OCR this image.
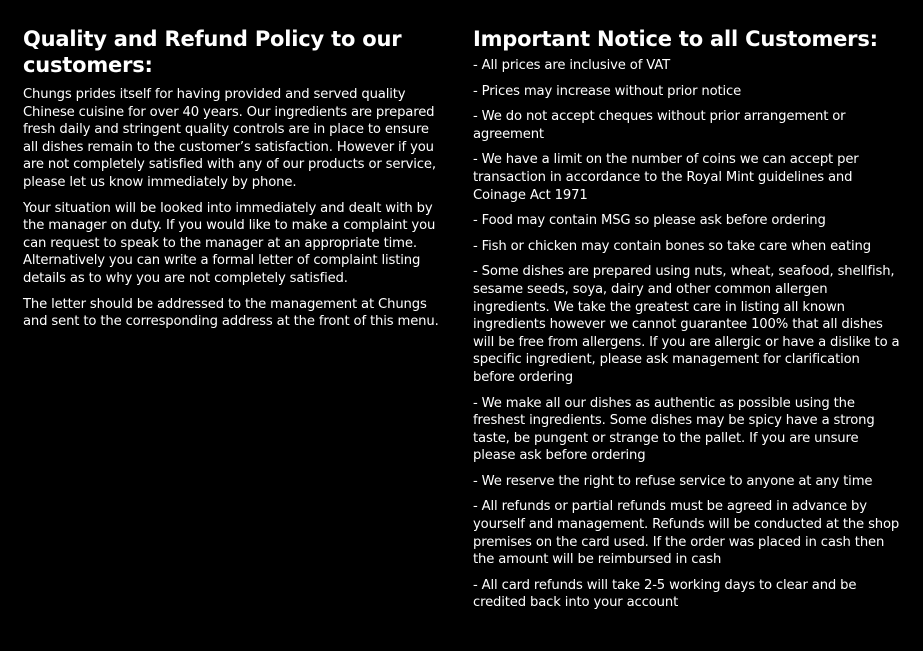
Quality and Refund Policy to our customers:

Chungs prides itself for having provided and served quality Chinese cuisine for over 40 years. Our ingredients are prepared fresh daily and stringent quality controls are in place to ensure all dishes remain to the customer’s satisfaction. However if you are not completely satisfied with any of our products or service, please let us know immediately by phone.

Your situation will be looked into immediately and dealt with by the manager on duty. If you would like to make a complaint you can request to speak to the manager at an appropriate time. Alternatively you can write a formal letter of complaint listing details as to why you are not completely satisfied.

The letter should be addressed to the management at Chungs and sent to the corresponding address at the front of this menu.

Important Notice to all Customers:

- All prices are inclusive of VAT

- Prices may increase without prior notice

- We do not accept cheques without prior arrangement or agreement

- We have a limit on the number of coins we can accept per transaction in accordance to the Royal Mint guidelines and Coinage Act 1971

- Food may contain MSG so please ask before ordering

- Fish or chicken may contain bones so take care when eating

- Some dishes are prepared using nuts, wheat, seafood, shellfish, sesame seeds, soya, dairy and other common allergen ingredients. We take the greatest care in listing all known ingredients however we cannot guarantee 100% that all dishes will be free from allergens. If you are allergic or have a dislike to a specific ingredient, please ask management for clarification before ordering

- We make all our dishes as authentic as possible using the freshest ingredients. Some dishes may be spicy have a strong taste, be pungent or strange to the pallet. If you are unsure please ask before ordering

- We reserve the right to refuse service to anyone at any time

- All refunds or partial refunds must be agreed in advance by yourself and management. Refunds will be conducted at the shop premises on the card used. If the order was placed in cash then the amount will be reimbursed in cash

- All card refunds will take 2-5 working days to clear and be credited back into your account
